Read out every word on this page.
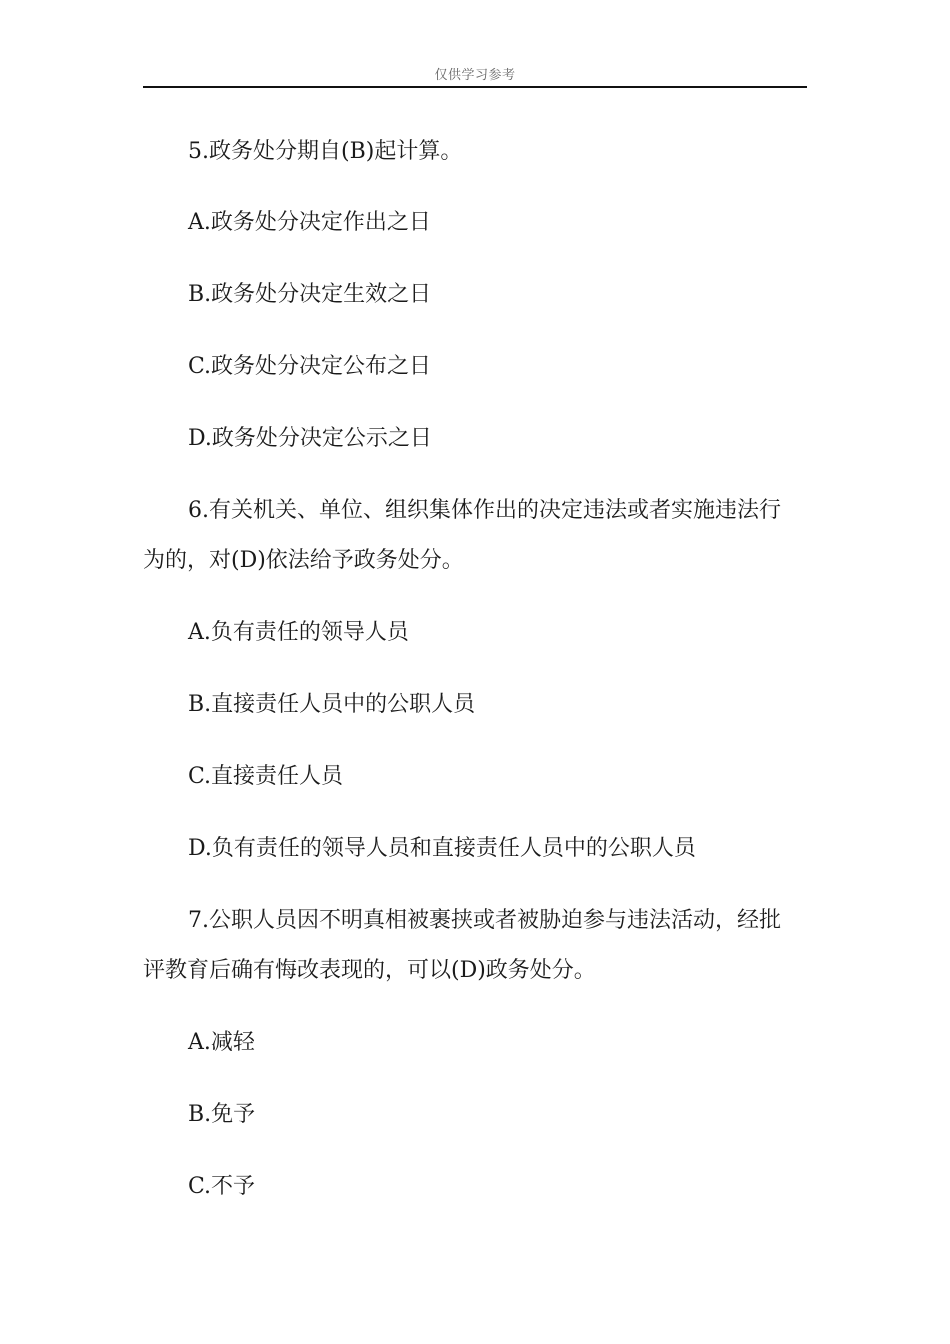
仅供学习参考
5.政务处分期自(B)起计算。
A.政务处分决定作出之日
B.政务处分决定生效之日
C.政务处分决定公布之日
D.政务处分决定公示之日
6.有关机关、单位、组织集体作出的决定违法或者实施违法行
为的，对(D)依法给予政务处分。
A.负有责任的领导人员
B.直接责任人员中的公职人员
C.直接责任人员
D.负有责任的领导人员和直接责任人员中的公职人员
7.公职人员因不明真相被裹挟或者被胁迫参与违法活动，经批
评教育后确有悔改表现的，可以(D)政务处分。
A.减轻
B.免予
C.不予
